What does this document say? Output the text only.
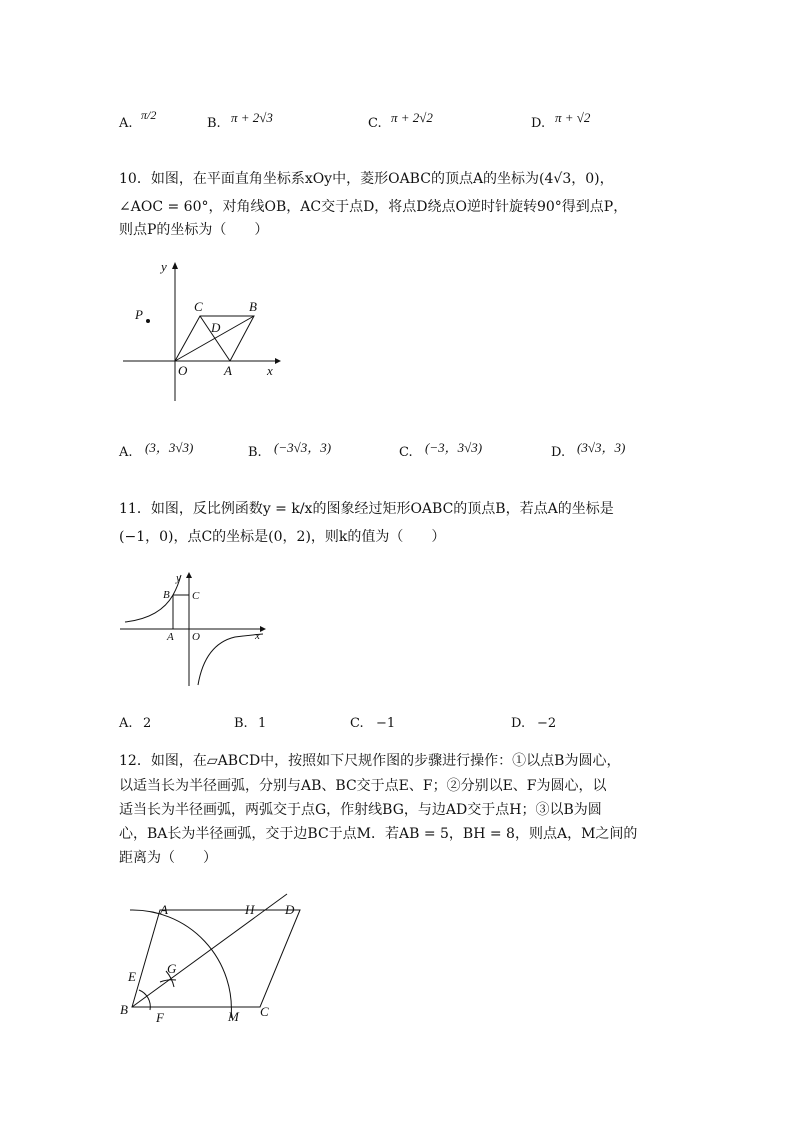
A.
π/2
B. π + 2√3	C. π + 2√2	D. π + √2
10．如图，在平面直角坐标系xOy中，菱形OABC的顶点A的坐标为(4√3，0)，
∠AOC = 60°，对角线OB，AC交于点D，将点D绕点O逆时针旋转90°得到点P，
则点P的坐标为（　　）
y
x
C	B
P
D
O	A
A. (3，3√3)	B. (−3√3，3)	C. (−3，3√3)	D. (3√3，3)
11．如图，反比例函数y = k/x的图象经过矩形OABC的顶点B，若点A的坐标是
(−1，0)，点C的坐标是(0，2)，则k的值为（　　）
y
x
B C
A O
A. 2	B. 1	C. −1	D. −2
12．如图，在▱ABCD中，按照如下尺规作图的步骤进行操作：①以点B为圆心，
以适当长为半径画弧，分别与AB、BC交于点E、F；②分别以E、F为圆心，以
适当长为半径画弧，两弧交于点G，作射线BG，与边AD交于点H；③以B为圆
心，BA长为半径画弧，交于边BC于点M．若AB = 5，BH = 8，则点A，M之间的
距离为（　　）
A	H D
E
G
B
F	M C
